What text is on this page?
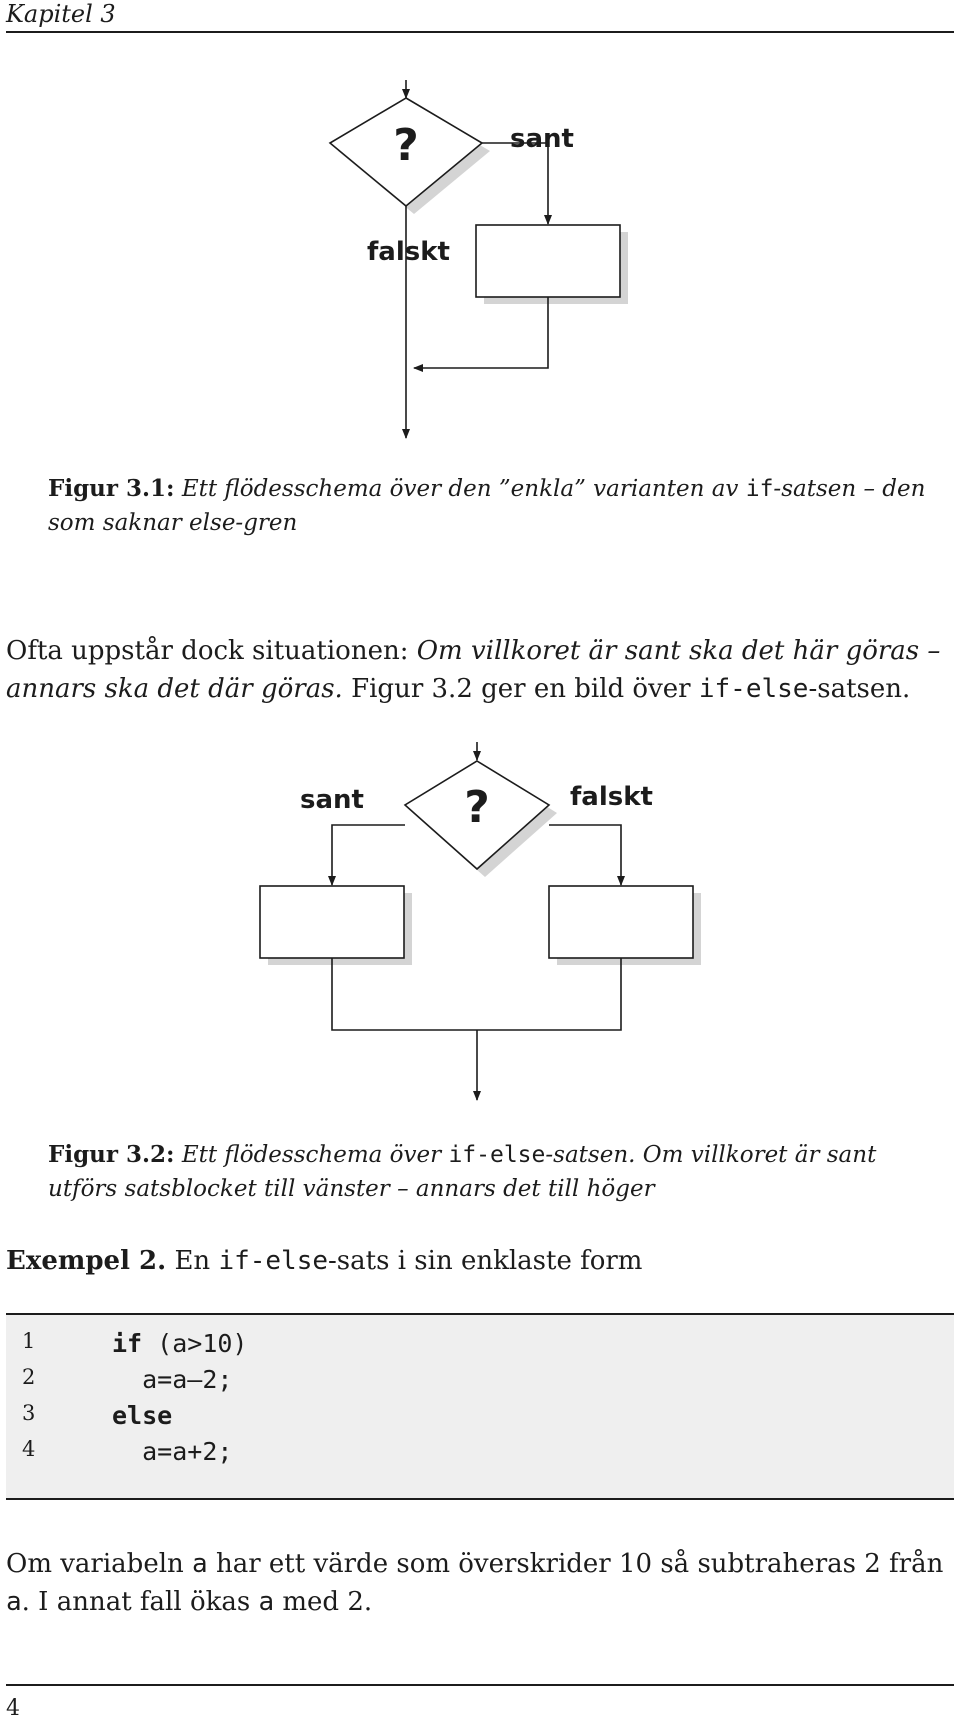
Kapitel 3
?	sant
falskt
Figur 3.1: Ett flödesschema över den ”enkla” varianten av if-satsen – den som saknar else-gren
Ofta uppstår dock situationen: Om villkoret är sant ska det här göras – annars ska det där göras. Figur 3.2 ger en bild över if-else-satsen.
?
sant	falskt
Figur 3.2: Ett flödesschema över if-else-satsen. Om villkoret är sant utförs satsblocket till vänster – annars det till höger
Exempel 2. En if-else-sats i sin enklaste form
1	if (a>10)
2	a=a—2;
3	else
4	a=a+2;
Om variabeln a har ett värde som överskrider 10 så subtraheras 2 från a. I annat fall ökas a med 2.
4
